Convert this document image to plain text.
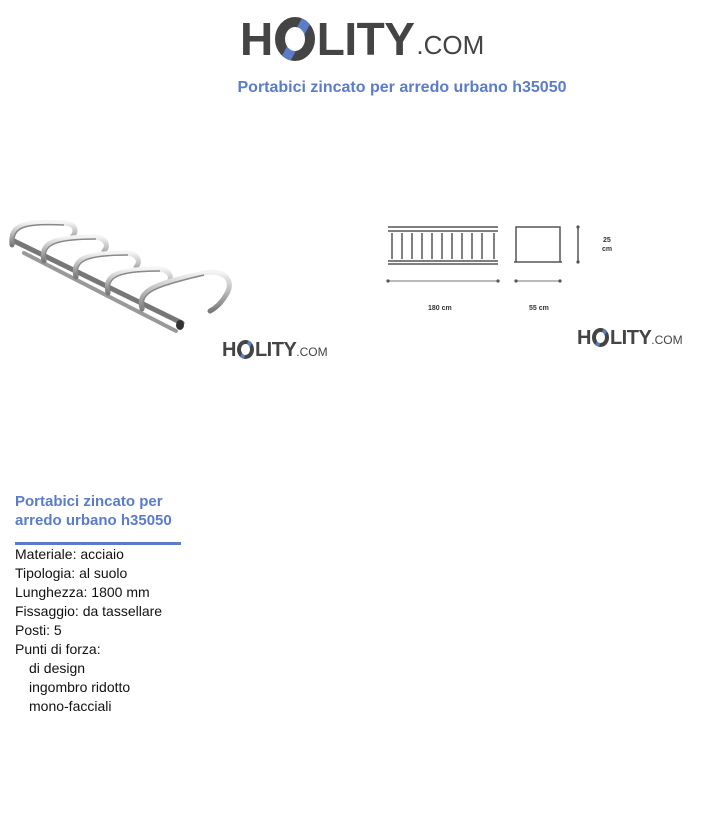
H LITY .COM
Portabici zincato per arredo urbano h35050
H LITY .COM
180 cm	55 cm
25
cm
H LITY .COM
Portabici zincato per arredo urbano h35050
Materiale: acciaio
Tipologia: al suolo
Lunghezza: 1800 mm
Fissaggio: da tassellare
Posti: 5
Punti di forza:
di design
ingombro ridotto
mono-facciali
